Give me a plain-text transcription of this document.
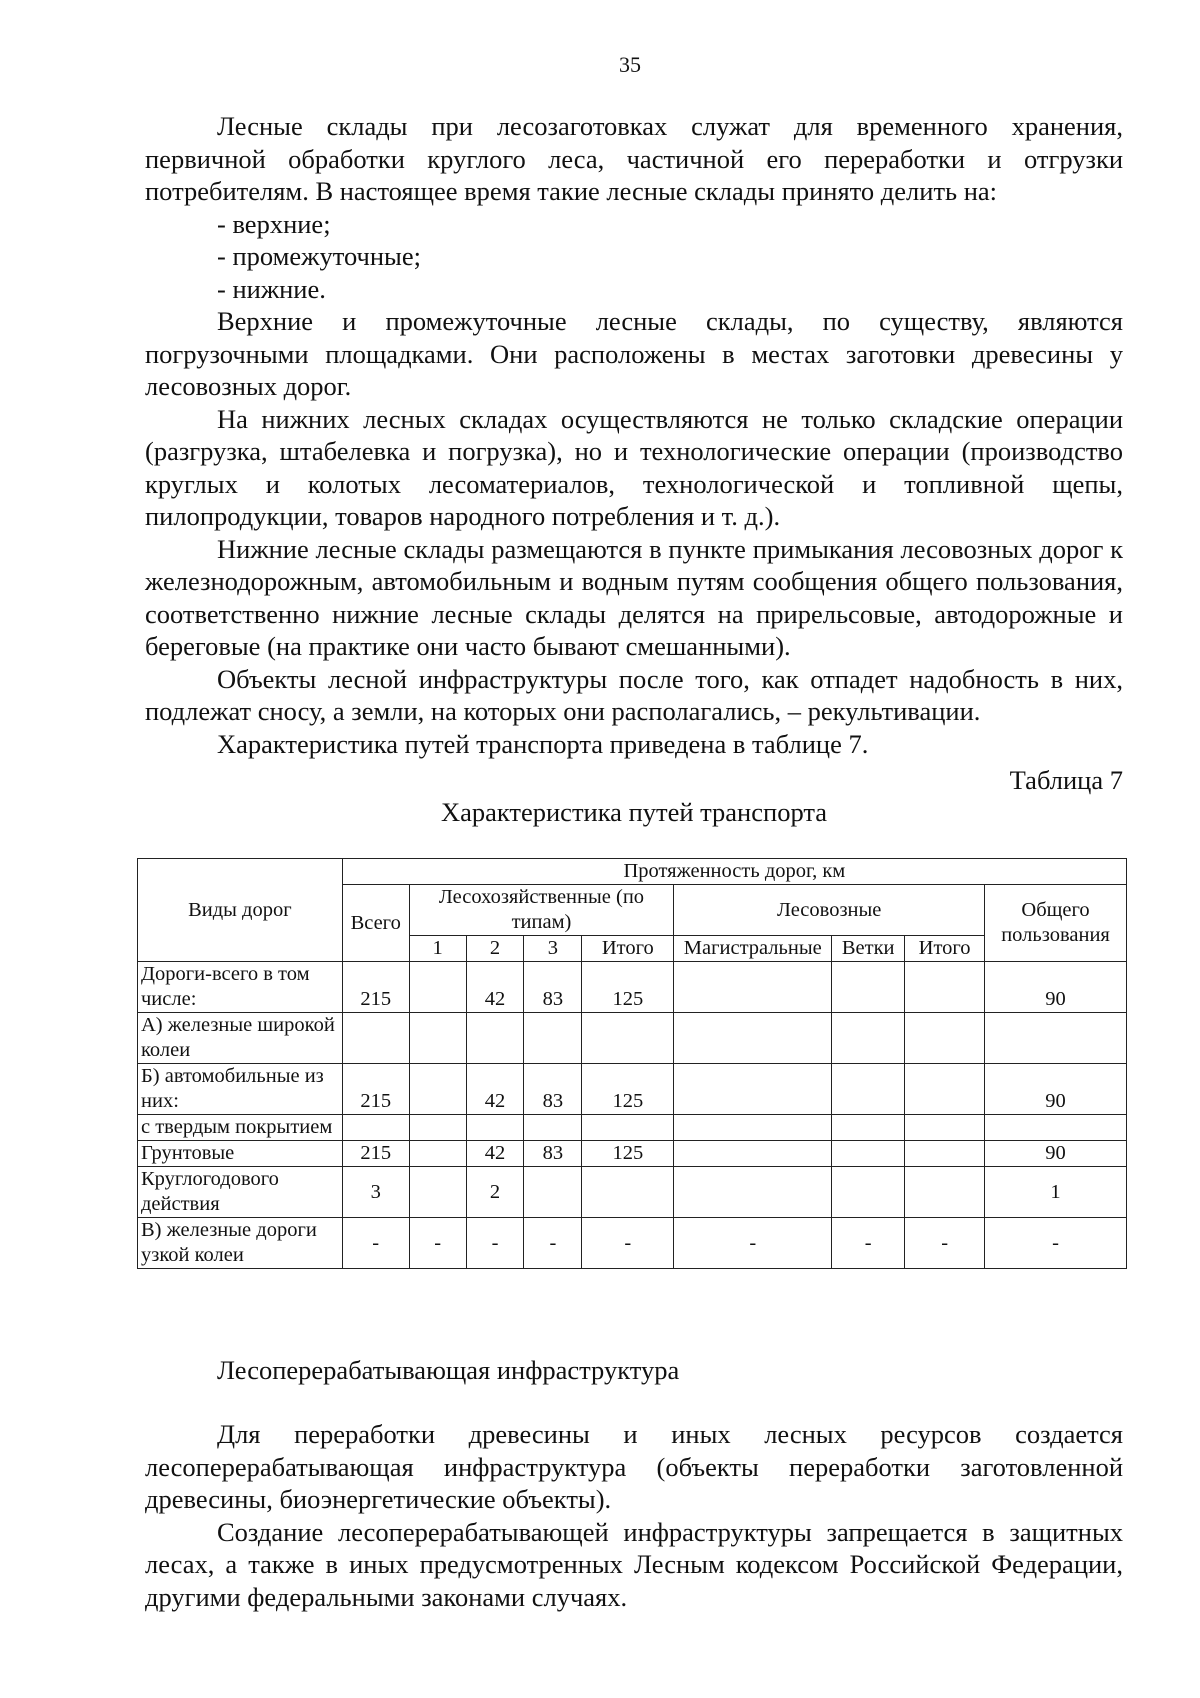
35

Лесные склады при лесозаготовках служат для временного хранения, первичной обработки круглого леса, частичной его переработки и отгрузки потребителям. В настоящее время такие лесные склады принято делить на:

- верхние;

- промежуточные;

- нижние.

Верхние и промежуточные лесные склады, по существу, являются погрузочными площадками. Они расположены в местах заготовки древесины у лесовозных дорог.

На нижних лесных складах осуществляются не только складские операции (разгрузка, штабелевка и погрузка), но и технологические операции (производство круглых и колотых лесоматериалов, технологической и топливной щепы, пилопродукции, товаров народного потребления и т. д.).

Нижние лесные склады размещаются в пункте примыкания лесовозных дорог к железнодорожным, автомобильным и водным путям сообщения общего пользования, соответственно нижние лесные склады делятся на прирельсовые, автодорожные и береговые (на практике они часто бывают смешанными).

Объекты лесной инфраструктуры после того, как отпадет надобность в них, подлежат сносу, а земли, на которых они располагались, – рекультивации.

Характеристика путей транспорта приведена в таблице 7.

Таблица 7
Характеристика путей транспорта
Виды дорог	Протяженность дорог, км								
	Всего	Лесохозяйственные (по типам)				Лесовозные			Общего пользования
		1	2	3	Итого	Магистральные	Ветки	Итого	
Дороги-всего в том числе:	215		42	83	125				90
А) железные широкой колеи									
Б) автомобильные из них:	215		42	83	125				90
с твердым покрытием									
Грунтовые	215		42	83	125				90
Круглогодового действия	3		2						1
В) железные дороги узкой колеи	-	-	-	-	-	-	-	-	-

Лесоперерабатывающая инфраструктура

Для переработки древесины и иных лесных ресурсов создается лесоперерабатывающая инфраструктура (объекты переработки заготовленной древесины, биоэнергетические объекты).

Создание лесоперерабатывающей инфраструктуры запрещается в защитных лесах, а также в иных предусмотренных Лесным кодексом Российской Федерации, другими федеральными законами случаях.
